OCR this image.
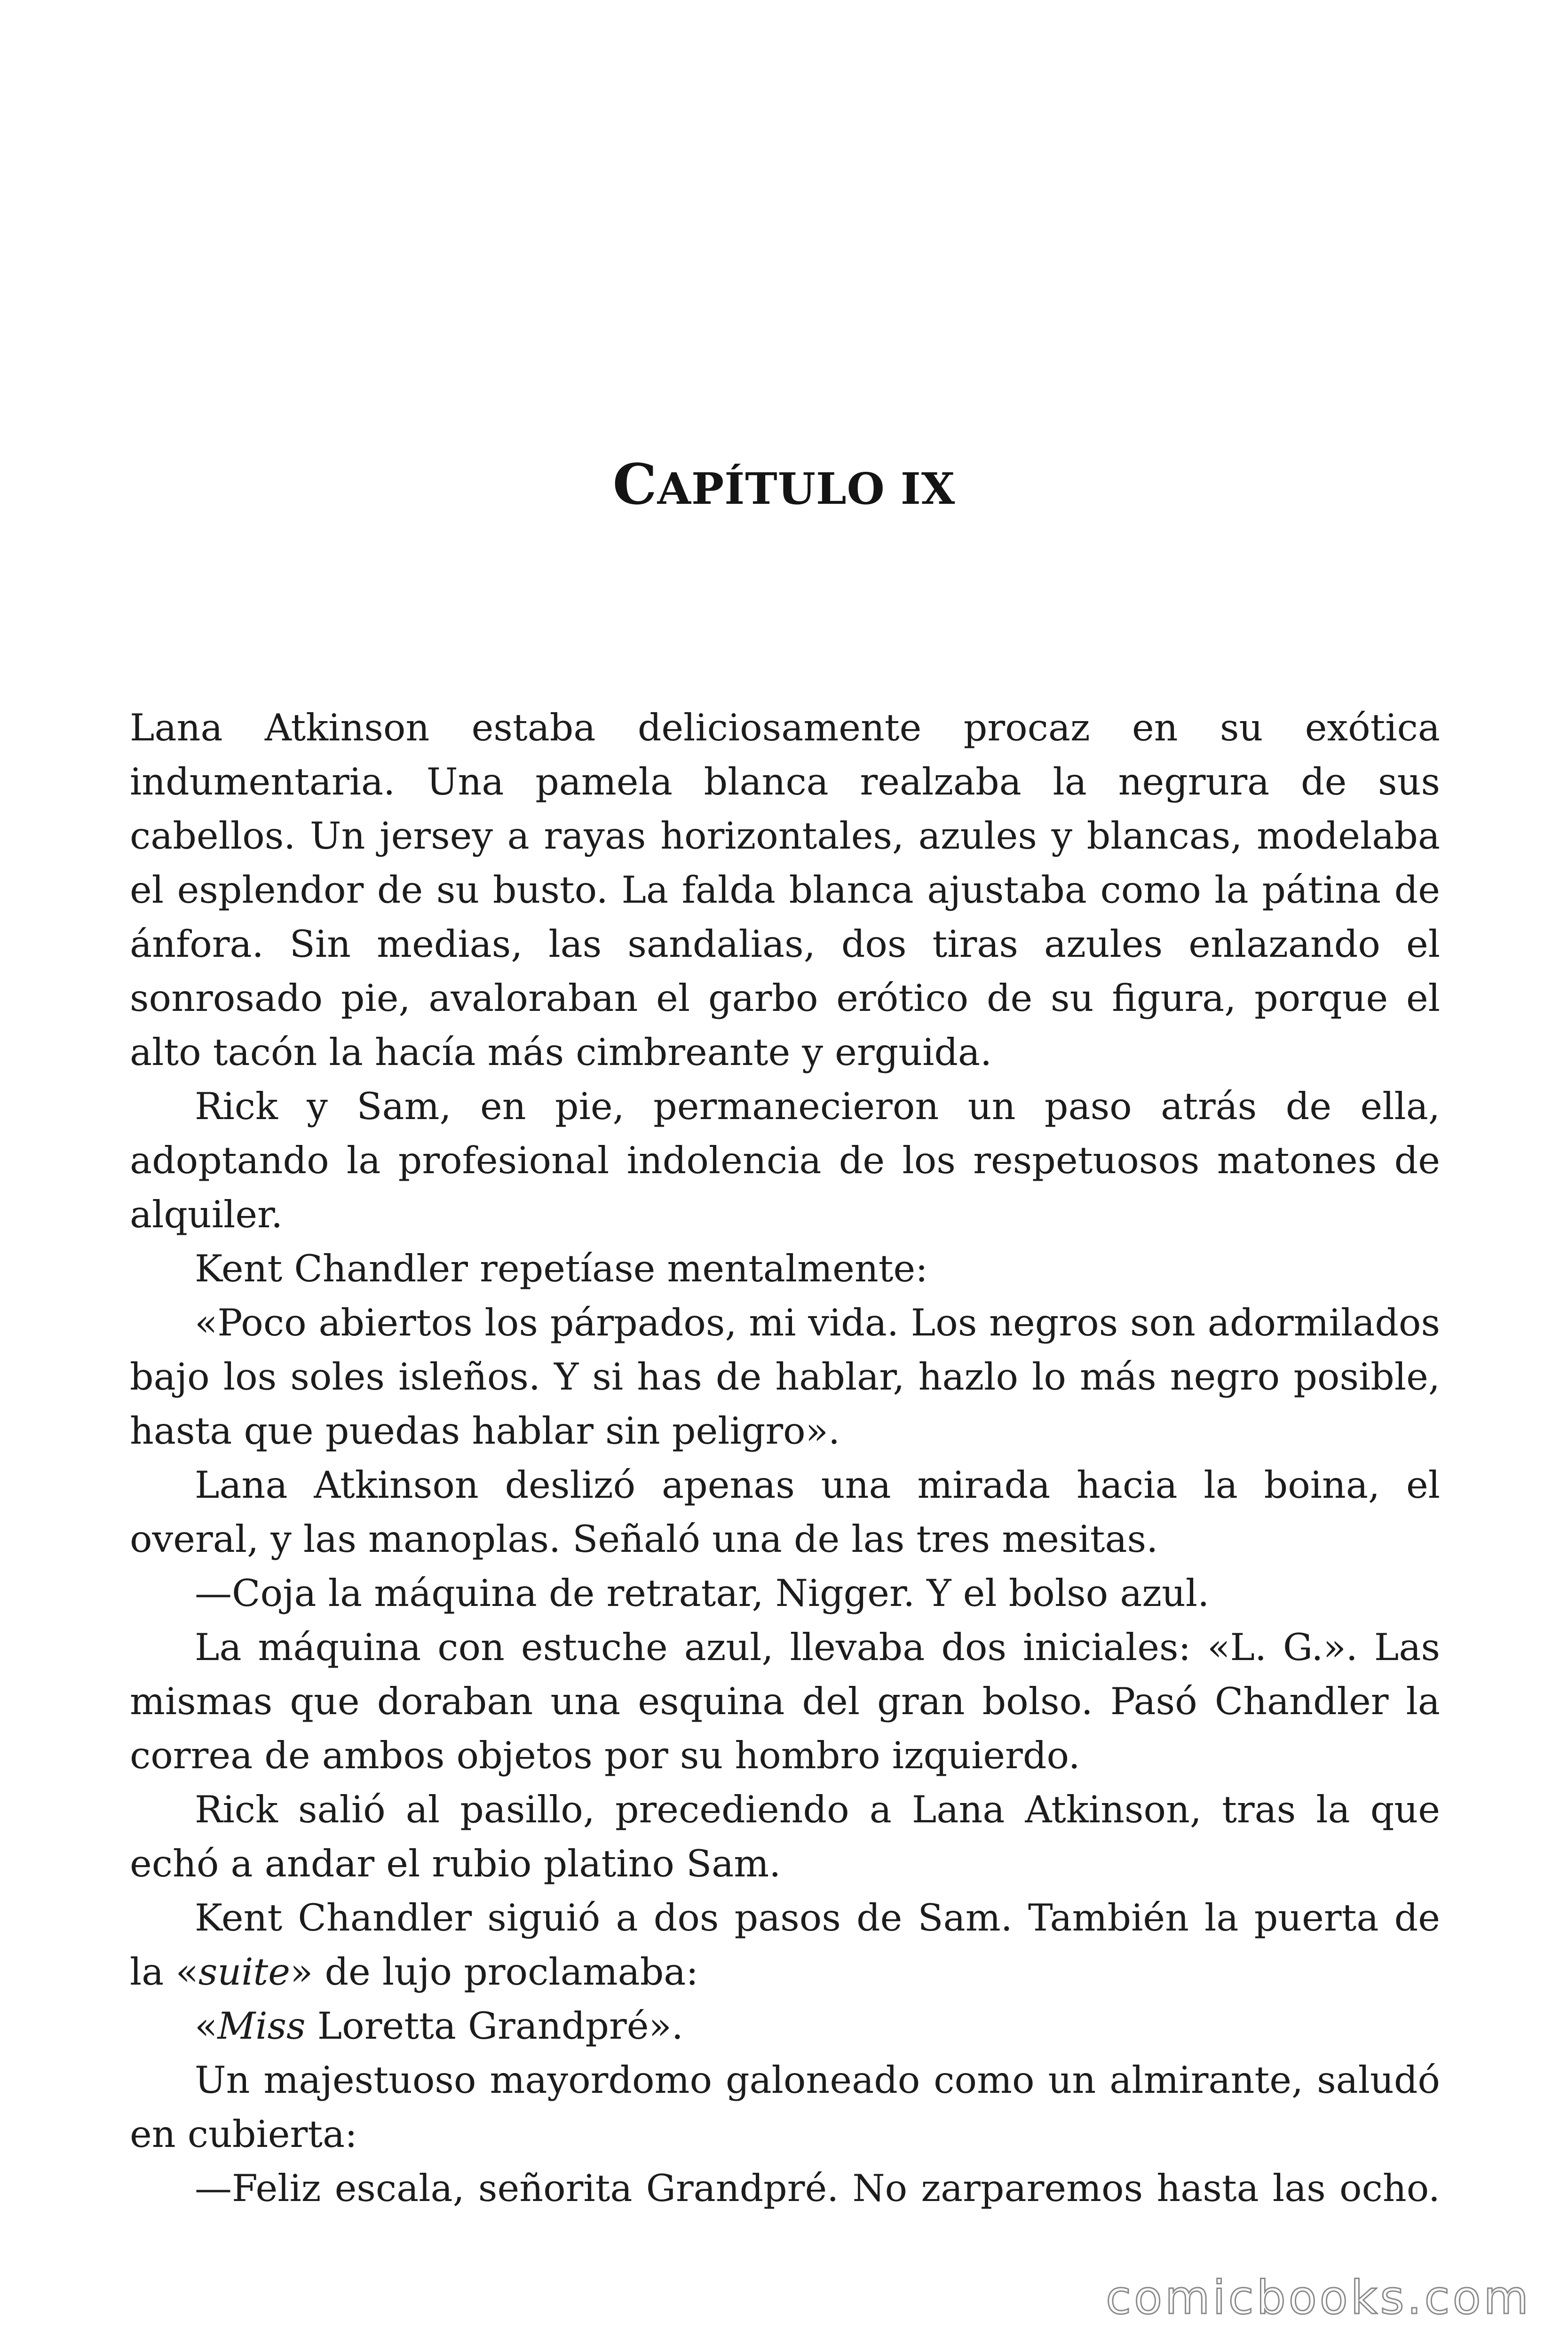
CAPÍTULO IX

Lana Atkinson estaba deliciosamente procaz en su exótica indumentaria. Una pamela blanca realzaba la negrura de sus cabellos. Un jersey a rayas horizontales, azules y blancas, modelaba el esplendor de su busto. La falda blanca ajustaba como la pátina de ánfora. Sin medias, las sandalias, dos tiras azules enlazando el sonrosado pie, avaloraban el garbo erótico de su figura, porque el alto tacón la hacía más cimbreante y erguida.

Rick y Sam, en pie, permanecieron un paso atrás de ella, adoptando la profesional indolencia de los respetuosos matones de alquiler.

Kent Chandler repetíase mentalmente:

«Poco abiertos los párpados, mi vida. Los negros son adormilados bajo los soles isleños. Y si has de hablar, hazlo lo más negro posible, hasta que puedas hablar sin peligro».

Lana Atkinson deslizó apenas una mirada hacia la boina, el overal, y las manoplas. Señaló una de las tres mesitas.

—Coja la máquina de retratar, Nigger. Y el bolso azul.

La máquina con estuche azul, llevaba dos iniciales: «L. G.». Las mismas que doraban una esquina del gran bolso. Pasó Chandler la correa de ambos objetos por su hombro izquierdo.

Rick salió al pasillo, precediendo a Lana Atkinson, tras la que echó a andar el rubio platino Sam.

Kent Chandler siguió a dos pasos de Sam. También la puerta de la «suite» de lujo proclamaba:

«Miss Loretta Grandpré».

Un majestuoso mayordomo galoneado como un almirante, saludó en cubierta:

—Feliz escala, señorita Grandpré. No zarparemos hasta las ocho.

comicbooks.com
